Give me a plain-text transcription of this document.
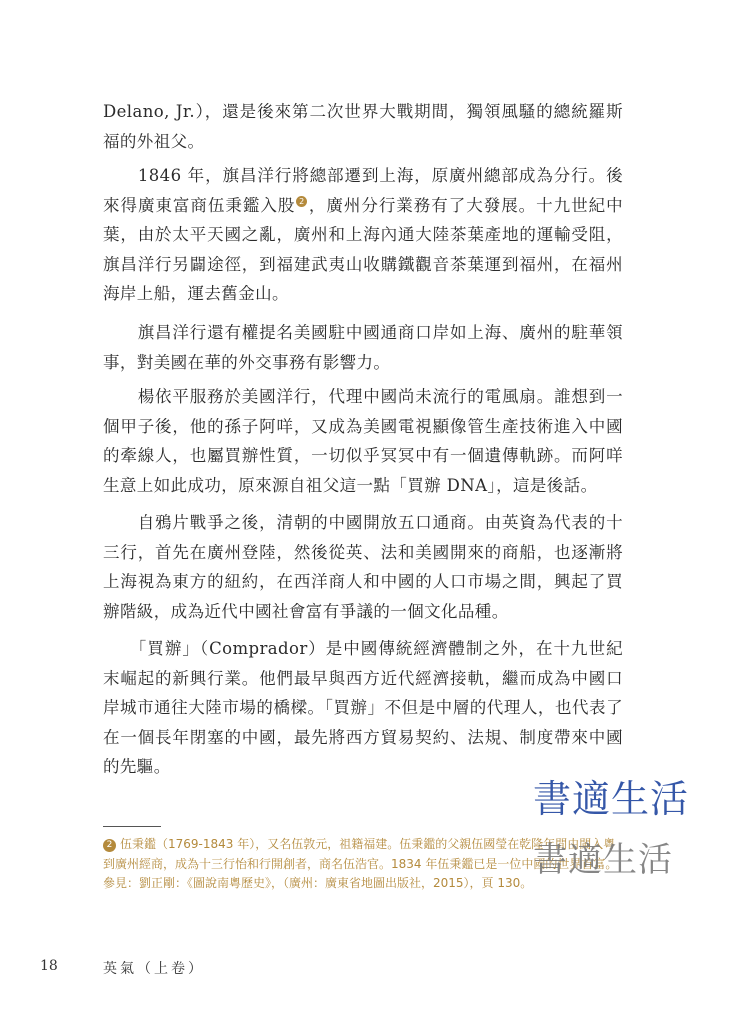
Delano, Jr.），還是後來第二次世界大戰期間，獨領風騷的總統羅斯福的外祖父。

　　1846 年，旗昌洋行將總部遷到上海，原廣州總部成為分行。後來得廣東富商伍秉鑑入股 2 ，廣州分行業務有了大發展。十九世紀中葉，由於太平天國之亂，廣州和上海內通大陸茶葉產地的運輸受阻，旗昌洋行另闢途徑，到福建武夷山收購鐵觀音茶葉運到福州，在福州海岸上船，運去舊金山。

　　旗昌洋行還有權提名美國駐中國通商口岸如上海、廣州的駐華領事，對美國在華的外交事務有影響力。

　　楊依平服務於美國洋行，代理中國尚未流行的電風扇。誰想到一個甲子後，他的孫子阿咩，又成為美國電視顯像管生產技術進入中國的牽線人，也屬買辦性質，一切似乎冥冥中有一個遺傳軌跡。而阿咩生意上如此成功，原來源自祖父這一點「買辦 DNA」，這是後話。

　　自鴉片戰爭之後，清朝的中國開放五口通商。由英資為代表的十三行，首先在廣州登陸，然後從英、法和美國開來的商船，也逐漸將上海視為東方的紐約，在西洋商人和中國的人口市場之間，興起了買辦階級，成為近代中國社會富有爭議的一個文化品種。

　　「買辦」（Comprador）是中國傳統經濟體制之外，在十九世紀末崛起的新興行業。他們最早與西方近代經濟接軌，繼而成為中國口岸城市通往大陸市場的橋樑。「買辦」不但是中層的代理人，也代表了在一個長年閉塞的中國，最先將西方貿易契約、法規、制度帶來中國的先驅。

2 伍秉鑑（1769-1843 年），又名伍敦元，祖籍福建。伍秉鑑的父親伍國瑩在乾隆年間由閩入粵到廣州經商，成為十三行怡和行開創者，商名伍浩官。1834 年伍秉鑑已是一位中國的世界首富。參見：劉正剛：《圖說南粵歷史》，（廣州：廣東省地圖出版社，2015），頁 130。

書適生活
書適生活
18	英氣（上卷）
